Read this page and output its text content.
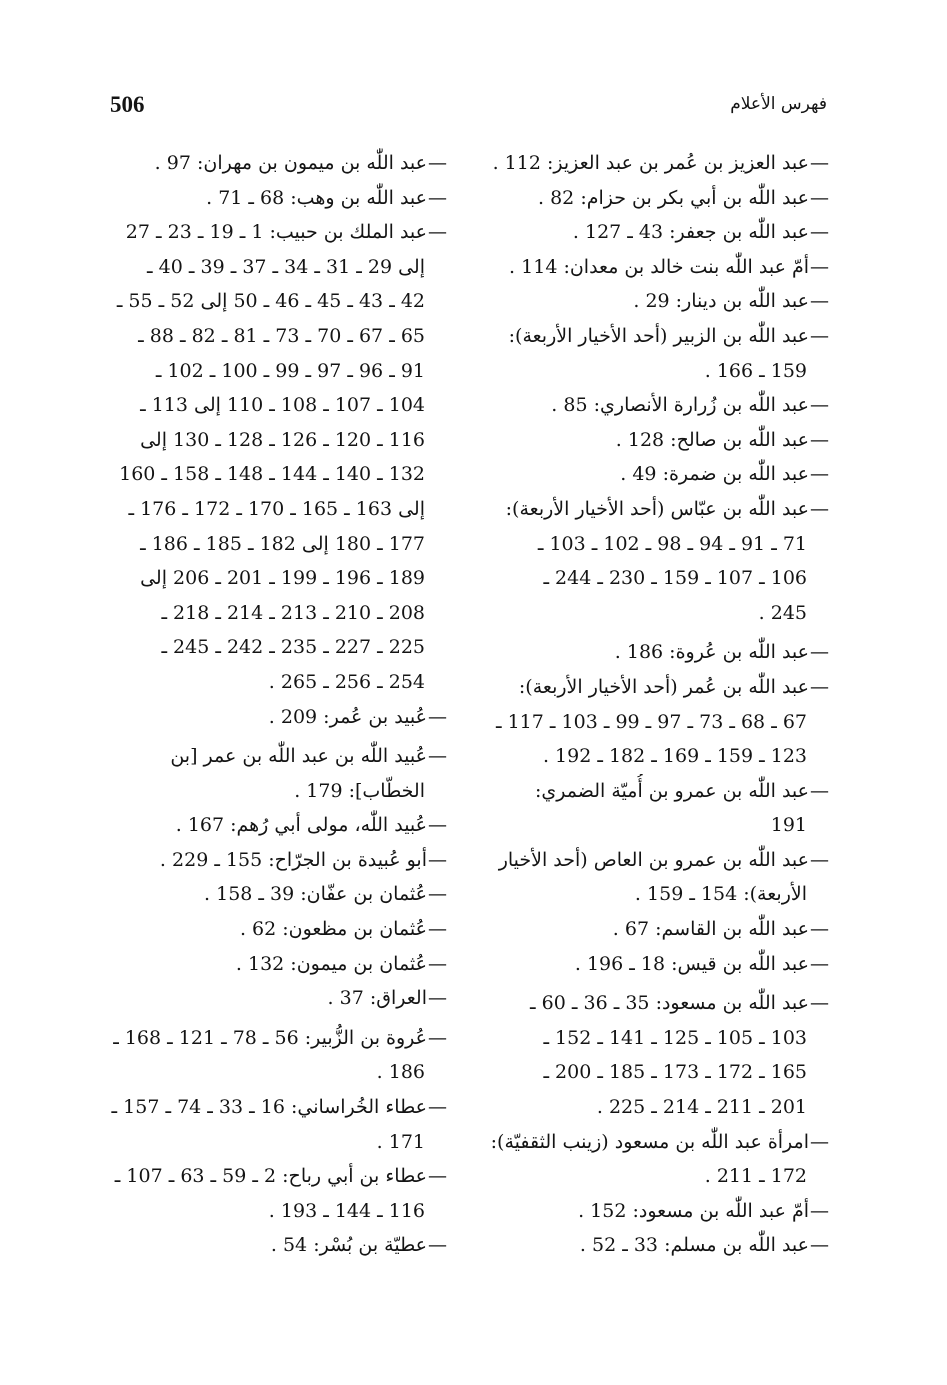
506	فهرس الأعلام
—عبد العزيز بن عُمر بن عبد العزيز: 112 .
—عبد اللّٰه بن أبي بكر بن حزام: 82 .
—عبد اللّٰه بن جعفر: 43 ـ 127 .
—أمّ عبد اللّٰه بنت خالد بن معدان: 114 .
—عبد اللّٰه بن دينار: 29 .
—عبد اللّٰه بن الزبير (أحد الأخيار الأربعة):
159 ـ 166 .
—عبد اللّٰه بن زُرارة الأنصاري: 85 .
—عبد اللّٰه بن صالح: 128 .
—عبد اللّٰه بن ضمرة: 49 .
—عبد اللّٰه بن عبّاس (أحد الأخيار الأربعة):
71 ـ 91 ـ 94 ـ 98 ـ 102 ـ 103 ـ
106 ـ 107 ـ 159 ـ 230 ـ 244 ـ
245 .
—عبد اللّٰه بن عُروة: 186 .
—عبد اللّٰه بن عُمر (أحد الأخيار الأربعة):
67 ـ 68 ـ 73 ـ 97 ـ 99 ـ 103 ـ 117 ـ
123 ـ 159 ـ 169 ـ 182 ـ 192 .
—عبد اللّٰه بن عمرو بن أُميّة الضمري:
191
—عبد اللّٰه بن عمرو بن العاص (أحد الأخيار
الأربعة): 154 ـ 159 .
—عبد اللّٰه بن القاسم: 67 .
—عبد اللّٰه بن قيس: 18 ـ 196 .
—عبد اللّٰه بن مسعود: 35 ـ 36 ـ 60 ـ
103 ـ 105 ـ 125 ـ 141 ـ 152 ـ
165 ـ 172 ـ 173 ـ 185 ـ 200 ـ
201 ـ 211 ـ 214 ـ 225 .
—امرأة عبد اللّٰه بن مسعود (زينب الثقفيّة):
172 ـ 211 .
—أمّ عبد اللّٰه بن مسعود: 152 .
—عبد اللّٰه بن مسلم: 33 ـ 52 .
—عبد اللّٰه بن ميمون بن مهران: 97 .
—عبد اللّٰه بن وهب: 68 ـ 71 .
—عبد الملك بن حبيب: 1 ـ 19 ـ 23 ـ 27
إلى 29 ـ 31 ـ 34 ـ 37 ـ 39 ـ 40 ـ
42 ـ 43 ـ 45 ـ 46 ـ 50 إلى 52 ـ 55 ـ
65 ـ 67 ـ 70 ـ 73 ـ 81 ـ 82 ـ 88 ـ
91 ـ 96 ـ 97 ـ 99 ـ 100 ـ 102 ـ
104 ـ 107 ـ 108 ـ 110 إلى 113 ـ
116 ـ 120 ـ 126 ـ 128 ـ 130 إلى
132 ـ 140 ـ 144 ـ 148 ـ 158 ـ 160
إلى 163 ـ 165 ـ 170 ـ 172 ـ 176 ـ
177 ـ 180 إلى 182 ـ 185 ـ 186 ـ
189 ـ 196 ـ 199 ـ 201 ـ 206 إلى
208 ـ 210 ـ 213 ـ 214 ـ 218 ـ
225 ـ 227 ـ 235 ـ 242 ـ 245 ـ
254 ـ 256 ـ 265 .
—عُبيد بن عُمر: 209 .
—عُبيد اللّٰه بن عبد اللّٰه بن عمر [بن
الخطّاب]: 179 .
—عُبيد اللّٰه، مولى أبي رُهم: 167 .
—أبو عُبيدة بن الجرّاح: 155 ـ 229 .
—عُثمان بن عفّان: 39 ـ 158 .
—عُثمان بن مظعون: 62 .
—عُثمان بن ميمون: 132 .
—العراق: 37 .
—عُروة بن الزُّبير: 56 ـ 78 ـ 121 ـ 168 ـ
186 .
—عطاء الخُراساني: 16 ـ 33 ـ 74 ـ 157 ـ
171 .
—عطاء بن أبي رباح: 2 ـ 59 ـ 63 ـ 107 ـ
116 ـ 144 ـ 193 .
—عطيّة بن بُسْر: 54 .
